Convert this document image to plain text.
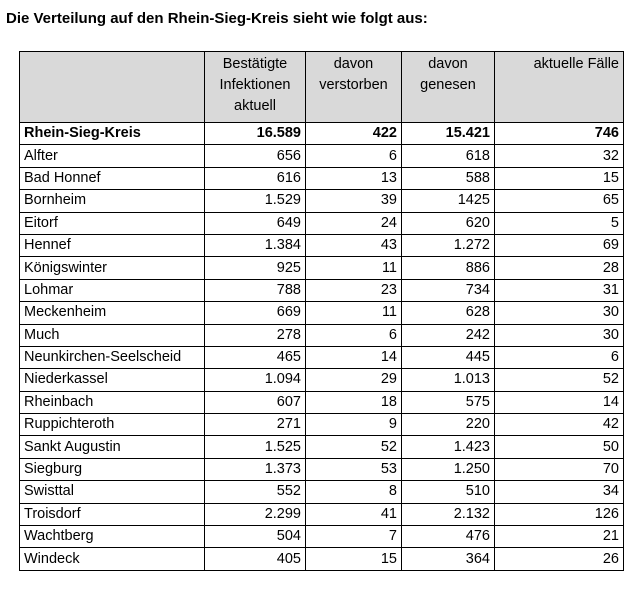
Die Verteilung auf den Rhein-Sieg-Kreis sieht wie folgt aus:
	Bestätigte Infektionen aktuell	davon verstorben	davon genesen	aktuelle Fälle
Rhein-Sieg-Kreis	16.589	422	15.421	746
Alfter	656	6	618	32
Bad Honnef	616	13	588	15
Bornheim	1.529	39	1425	65
Eitorf	649	24	620	5
Hennef	1.384	43	1.272	69
Königswinter	925	11	886	28
Lohmar	788	23	734	31
Meckenheim	669	11	628	30
Much	278	6	242	30
Neunkirchen-Seelscheid	465	14	445	6
Niederkassel	1.094	29	1.013	52
Rheinbach	607	18	575	14
Ruppichteroth	271	9	220	42
Sankt Augustin	1.525	52	1.423	50
Siegburg	1.373	53	1.250	70
Swisttal	552	8	510	34
Troisdorf	2.299	41	2.132	126
Wachtberg	504	7	476	21
Windeck	405	15	364	26
